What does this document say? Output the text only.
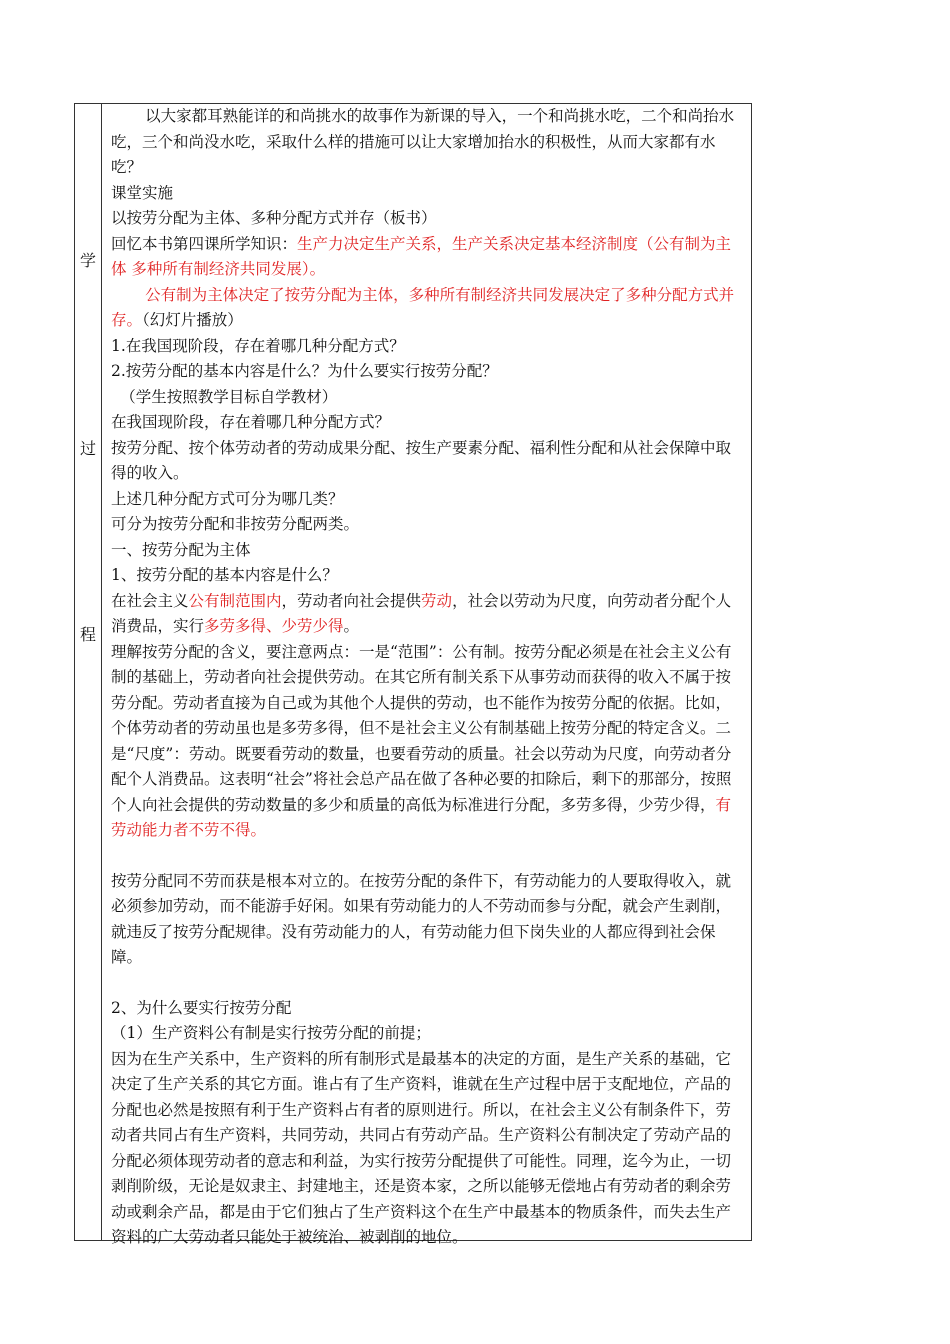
学
过
程

以大家都耳熟能详的和尚挑水的故事作为新课的导入，一个和尚挑水吃，二个和尚抬水吃，三个和尚没水吃，采取什么样的措施可以让大家增加抬水的积极性，从而大家都有水吃？

课堂实施

以按劳分配为主体、多种分配方式并存（板书）

回忆本书第四课所学知识：生产力决定生产关系，生产关系决定基本经济制度（公有制为主体 多种所有制经济共同发展）。

公有制为主体决定了按劳分配为主体，多种所有制经济共同发展决定了多种分配方式并存。（幻灯片播放）

1.在我国现阶段，存在着哪几种分配方式？

2.按劳分配的基本内容是什么？为什么要实行按劳分配？

（学生按照教学目标自学教材）

在我国现阶段，存在着哪几种分配方式？

按劳分配、按个体劳动者的劳动成果分配、按生产要素分配、福利性分配和从社会保障中取得的收入。

上述几种分配方式可分为哪几类？

可分为按劳分配和非按劳分配两类。

一、按劳分配为主体

1、按劳分配的基本内容是什么？

在社会主义公有制范围内，劳动者向社会提供劳动，社会以劳动为尺度，向劳动者分配个人消费品，实行多劳多得、少劳少得。

理解按劳分配的含义，要注意两点：一是“范围”：公有制。按劳分配必须是在社会主义公有制的基础上，劳动者向社会提供劳动。在其它所有制关系下从事劳动而获得的收入不属于按劳分配。劳动者直接为自己或为其他个人提供的劳动，也不能作为按劳分配的依据。比如，个体劳动者的劳动虽也是多劳多得，但不是社会主义公有制基础上按劳分配的特定含义。二是“尺度”：劳动。既要看劳动的数量，也要看劳动的质量。社会以劳动为尺度，向劳动者分配个人消费品。这表明“社会”将社会总产品在做了各种必要的扣除后，剩下的那部分，按照个人向社会提供的劳动数量的多少和质量的高低为标准进行分配，多劳多得，少劳少得，有劳动能力者不劳不得。

按劳分配同不劳而获是根本对立的。在按劳分配的条件下，有劳动能力的人要取得收入，就必须参加劳动，而不能游手好闲。如果有劳动能力的人不劳动而参与分配，就会产生剥削，就违反了按劳分配规律。没有劳动能力的人，有劳动能力但下岗失业的人都应得到社会保障。

2、为什么要实行按劳分配

（1）生产资料公有制是实行按劳分配的前提；

因为在生产关系中，生产资料的所有制形式是最基本的决定的方面，是生产关系的基础，它决定了生产关系的其它方面。谁占有了生产资料，谁就在生产过程中居于支配地位，产品的分配也必然是按照有利于生产资料占有者的原则进行。所以，在社会主义公有制条件下，劳动者共同占有生产资料，共同劳动，共同占有劳动产品。生产资料公有制决定了劳动产品的分配必须体现劳动者的意志和利益，为实行按劳分配提供了可能性。同理，迄今为止，一切剥削阶级，无论是奴隶主、封建地主，还是资本家，之所以能够无偿地占有劳动者的剩余劳动或剩余产品，都是由于它们独占了生产资料这个在生产中最基本的物质条件，而失去生产资料的广大劳动者只能处于被统治、被剥削的地位。
